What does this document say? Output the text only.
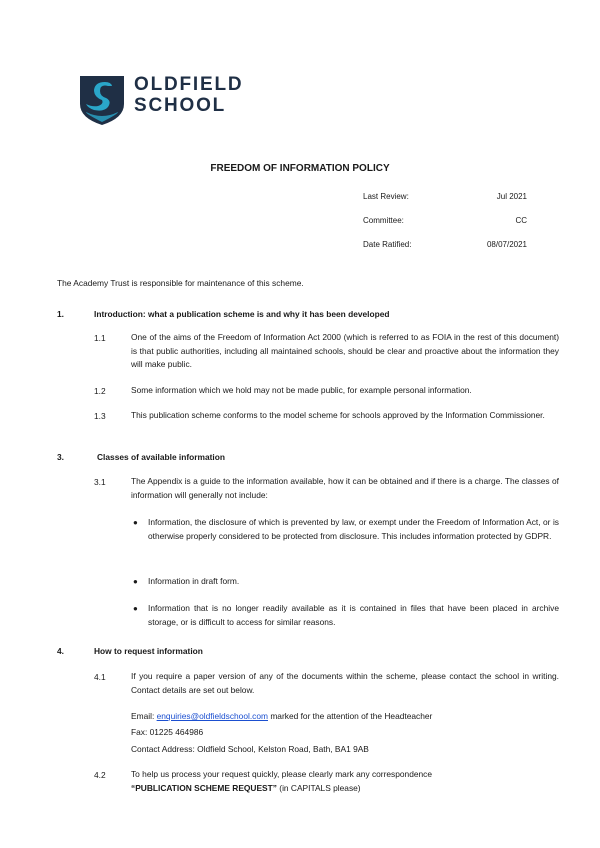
OLDFIELD
SCHOOL
FREEDOM OF INFORMATION POLICY
Last Review:	Jul 2021
Committee:	CC
Date Ratified:	08/07/2021
The Academy Trust is responsible for maintenance of this scheme.
1.	Introduction: what a publication scheme is and why it has been developed
1.1	One of the aims of the Freedom of Information Act 2000 (which is referred to as FOIA in the rest of this document) is that public authorities, including all maintained schools, should be clear and proactive about the information they will make public.
1.2	Some information which we hold may not be made public, for example personal information.
1.3	This publication scheme conforms to the model scheme for schools approved by the Information Commissioner.
3.	Classes of available information
3.1	The Appendix is a guide to the information available, how it can be obtained and if there is a charge. The classes of information will generally not include:
● Information, the disclosure of which is prevented by law, or exempt under the Freedom of Information Act, or is otherwise properly considered to be protected from disclosure. This includes information protected by GDPR.
● Information in draft form.
● Information that is no longer readily available as it is contained in files that have been placed in archive storage, or is difficult to access for similar reasons.
4.	How to request information
4.1	If you require a paper version of any of the documents within the scheme, please contact the school in writing. Contact details are set out below.
Email: enquiries@oldfieldschool.com marked for the attention of the Headteacher
Fax: 01225 464986
Contact Address: Oldfield School, Kelston Road, Bath, BA1 9AB
4.2	To help us process your request quickly, please clearly mark any correspondence
“PUBLICATION SCHEME REQUEST” (in CAPITALS please)
